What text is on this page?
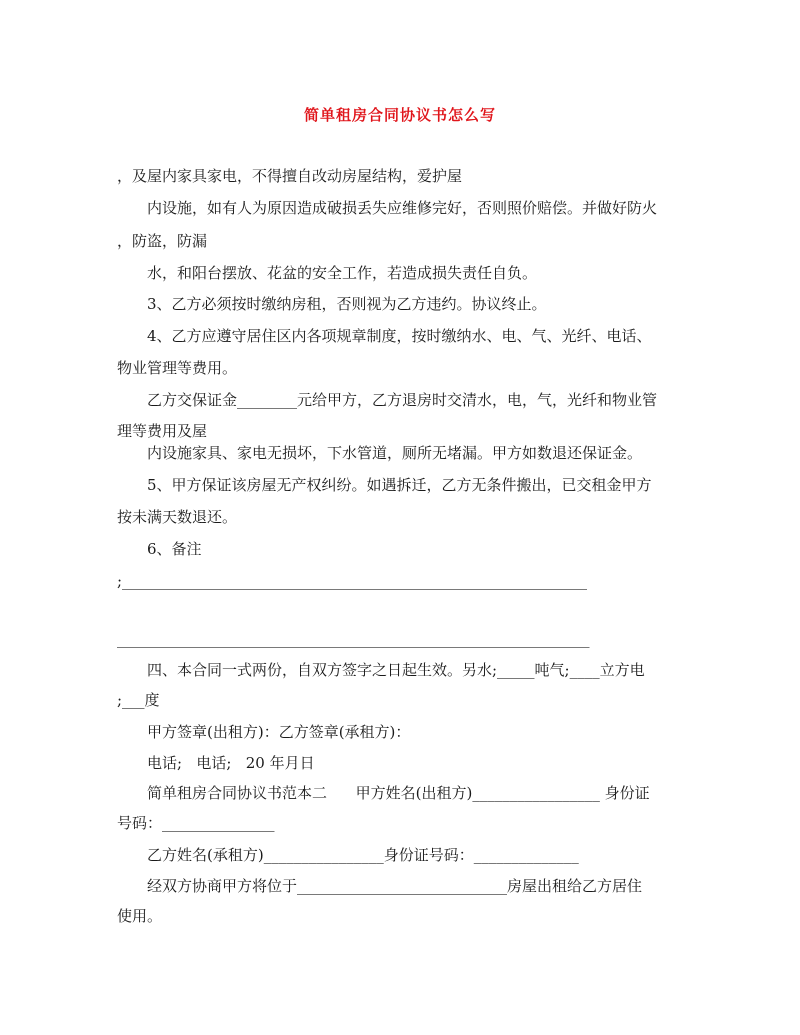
简单租房合同协议书怎么写
，及屋内家具家电，不得擅自改动房屋结构，爱护屋
内设施，如有人为原因造成破损丢失应维修完好，否则照价赔偿。并做好防火
，防盗，防漏
水，和阳台摆放、花盆的安全工作，若造成损失责任自负。
3、乙方必须按时缴纳房租，否则视为乙方违约。协议终止。
4、乙方应遵守居住区内各项规章制度，按时缴纳水、电、气、光纤、电话、
物业管理等费用。
乙方交保证金________元给甲方，乙方退房时交清水，电，气，光纤和物业管
理等费用及屋
内设施家具、家电无损坏，下水管道，厕所无堵漏。甲方如数退还保证金。
5、甲方保证该房屋无产权纠纷。如遇拆迁，乙方无条件搬出，已交租金甲方
按未满天数退还。
6、备注
;______________________________________________________________
_______________________________________________________________
四、本合同一式两份，自双方签字之日起生效。另水;_____吨气;____立方电
;___度
甲方签章(出租方)：乙方签章(承租方)：
电话;   电话;   20 年月日
简单租房合同协议书范本二      甲方姓名(出租方)_________________ 身份证
号码：_______________
乙方姓名(承租方)________________身份证号码：______________
经双方协商甲方将位于____________________________房屋出租给乙方居住
使用。
